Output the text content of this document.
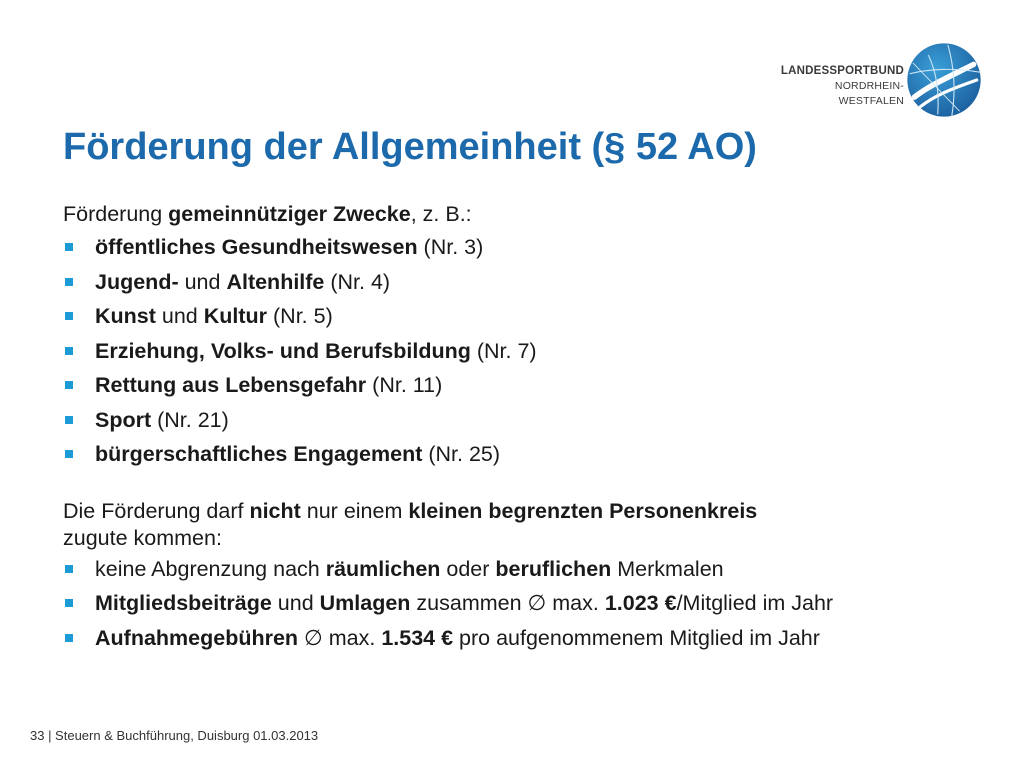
LANDESSPORTBUND
NORDRHEIN-WESTFALEN
Förderung der Allgemeinheit (§ 52 AO)

Förderung gemeinnütziger Zwecke, z. B.:

öffentliches Gesundheitswesen (Nr. 3)
Jugend- und Altenhilfe (Nr. 4)
Kunst und Kultur (Nr. 5)
Erziehung, Volks- und Berufsbildung (Nr. 7)
Rettung aus Lebensgefahr (Nr. 11)
Sport (Nr. 21)
bürgerschaftliches Engagement (Nr. 25)

Die Förderung darf nicht nur einem kleinen begrenzten Personenkreis
zugute kommen:

keine Abgrenzung nach räumlichen oder beruflichen Merkmalen
Mitgliedsbeiträge und Umlagen zusammen ∅ max. 1.023 €/Mitglied im Jahr
Aufnahmegebühren ∅ max. 1.534 € pro aufgenommenem Mitglied im Jahr
33 | Steuern & Buchführung, Duisburg 01.03.2013
